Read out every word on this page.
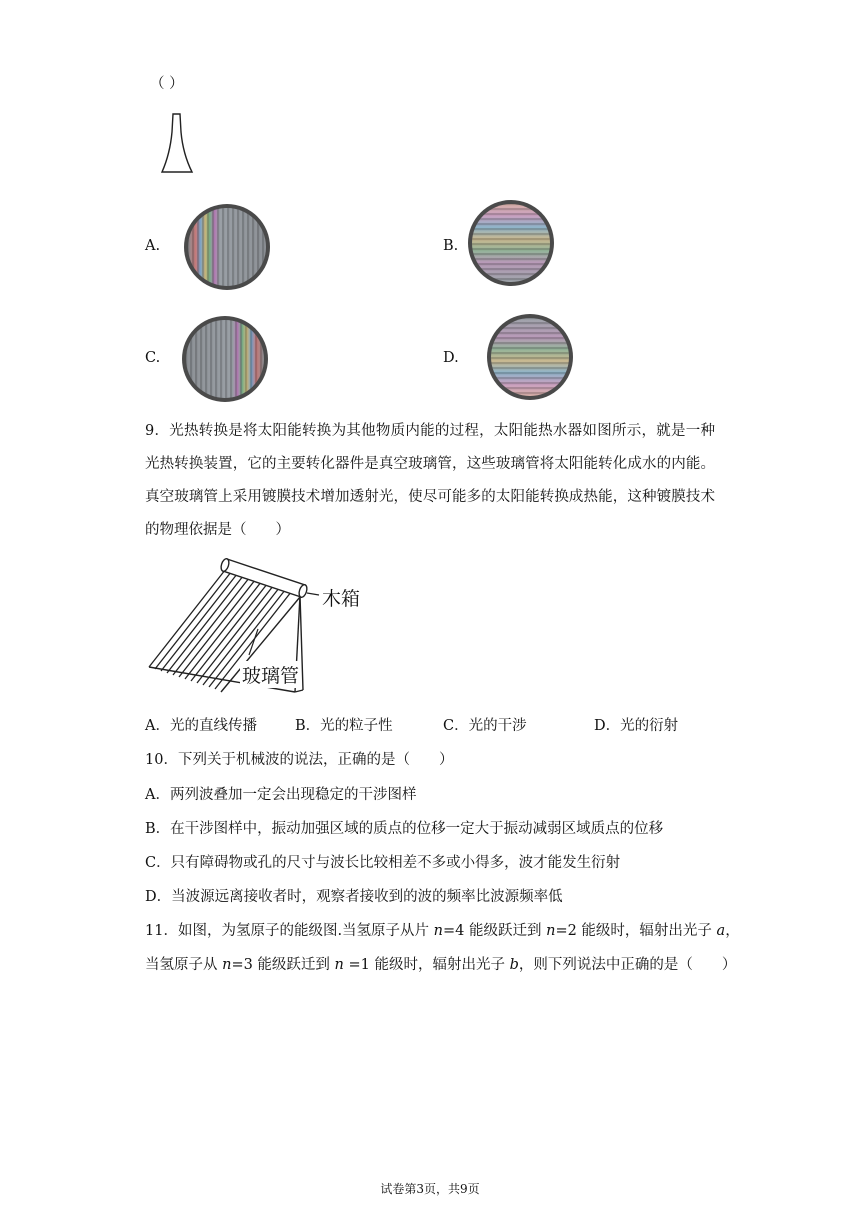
（ ）
A.	B.
C.	D.
9．光热转换是将太阳能转换为其他物质内能的过程，太阳能热水器如图所示，就是一种光热转换装置，它的主要转化器件是真空玻璃管，这些玻璃管将太阳能转化成水的内能。真空玻璃管上采用镀膜技术增加透射光，使尽可能多的太阳能转换成热能，这种镀膜技术的物理依据是（　　）
木箱
玻璃管
A．光的直线传播	B．光的粒子性	C．光的干涉	D．光的衍射
10．下列关于机械波的说法，正确的是（　　）
A．两列波叠加一定会出现稳定的干涉图样
B．在干涉图样中，振动加强区域的质点的位移一定大于振动减弱区域质点的位移
C．只有障碍物或孔的尺寸与波长比较相差不多或小得多，波才能发生衍射
D．当波源远离接收者时，观察者接收到的波的频率比波源频率低
11．如图，为氢原子的能级图.当氢原子从片 n=4 能级跃迁到 n=2 能级时，辐射出光子 a，
当氢原子从 n=3 能级跃迁到 n =1 能级时，辐射出光子 b，则下列说法中正确的是（　　）
试卷第3页，共9页
